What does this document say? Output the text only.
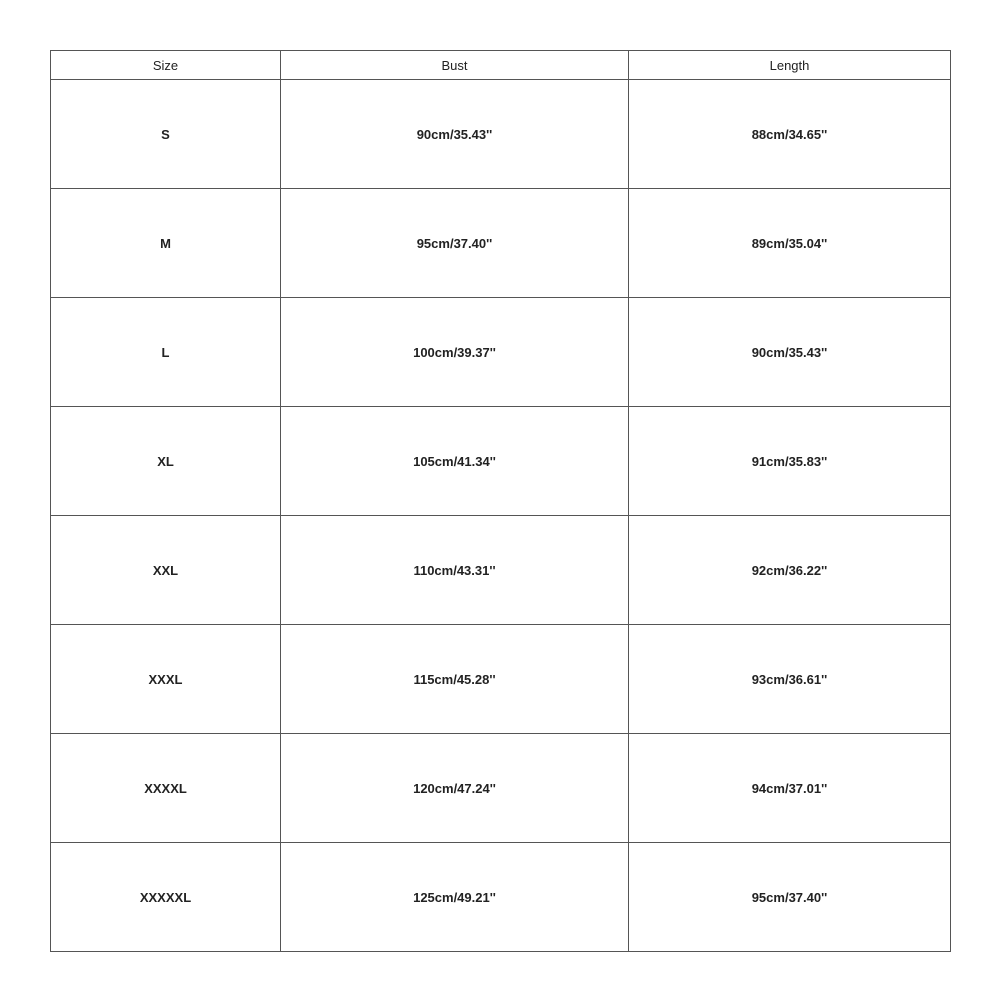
Size	Bust	Length
S	90cm/35.43''	88cm/34.65''
M	95cm/37.40''	89cm/35.04''
L	100cm/39.37''	90cm/35.43''
XL	105cm/41.34''	91cm/35.83''
XXL	110cm/43.31''	92cm/36.22''
XXXL	115cm/45.28''	93cm/36.61''
XXXXL	120cm/47.24''	94cm/37.01''
XXXXXL	125cm/49.21''	95cm/37.40''
